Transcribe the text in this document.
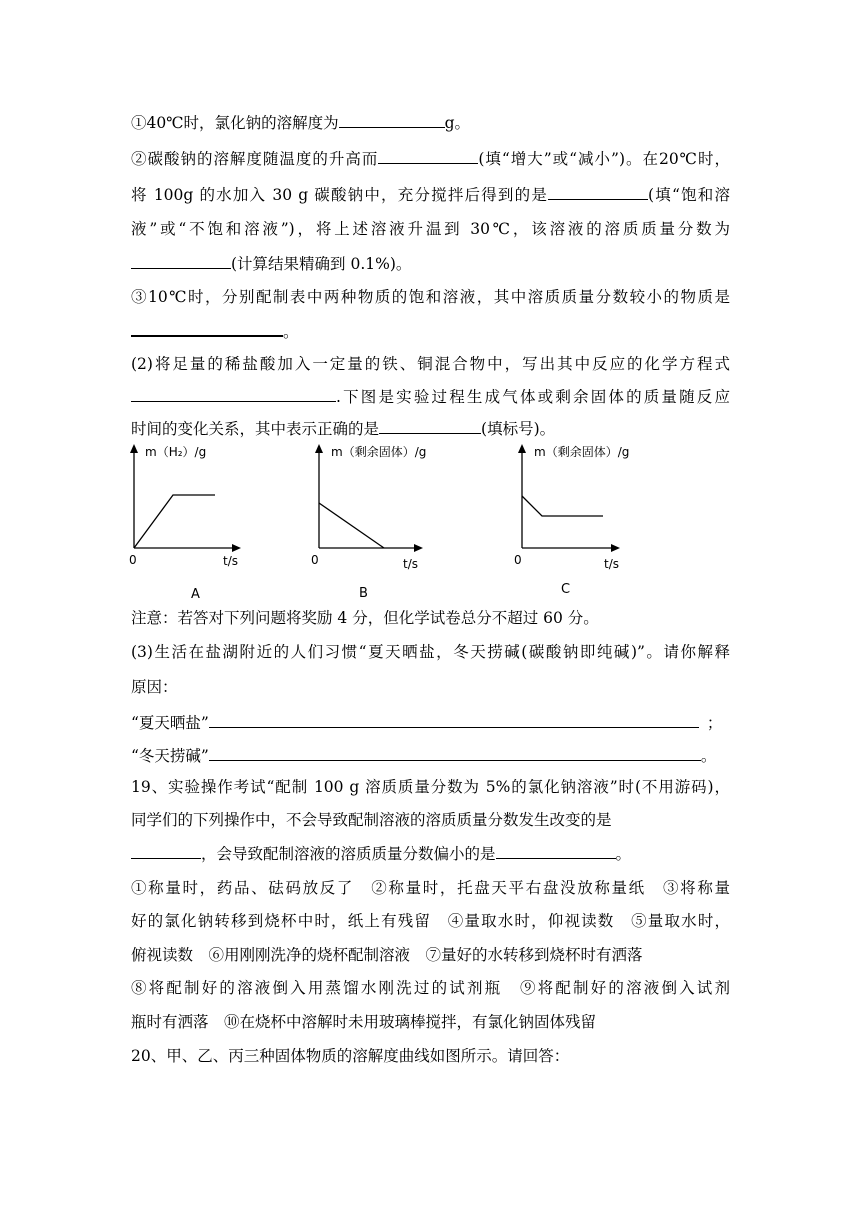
①40℃时，氯化钠的溶解度为	g。
②碳酸钠的溶解度随温度的升高而	(填“增大”或“减小”)。在20℃时，
将 100g 的水加入 30 g 碳酸钠中，充分搅拌后得到的是	(填“饱和溶
液”或“不饱和溶液”)，将上述溶液升温到 30℃，该溶液的溶质质量分数为
(计算结果精确到 0.1%)。
③10℃时，分别配制表中两种物质的饱和溶液，其中溶质质量分数较小的物质是
。
(2)将足量的稀盐酸加入一定量的铁、铜混合物中，写出其中反应的化学方程式
.下图是实验过程生成气体或剩余固体的质量随反应
时间的变化关系，其中表示正确的是	(填标号)。
m（H₂）/g
0	t/s
A
m（剩余固体）/g
0	t/s
B
m（剩余固体）/g
0	t/s
C
注意：若答对下列问题将奖励 4 分，但化学试卷总分不超过 60 分。
(3)生活在盐湖附近的人们习惯“夏天晒盐，冬天捞碱(碳酸钠即纯碱)”。请你解释
原因：
“夏天晒盐”	；
“冬天捞碱”	。
19、实验操作考试“配制 100 g 溶质质量分数为 5%的氯化钠溶液”时(不用游码)，
同学们的下列操作中，不会导致配制溶液的溶质质量分数发生改变的是
，会导致配制溶液的溶质质量分数偏小的是	。
①称量时，药品、砝码放反了　②称量时，托盘天平右盘没放称量纸　③将称量
好的氯化钠转移到烧杯中时，纸上有残留　④量取水时，仰视读数　⑤量取水时，
俯视读数　⑥用刚刚洗净的烧杯配制溶液　⑦量好的水转移到烧杯时有洒落
⑧将配制好的溶液倒入用蒸馏水刚洗过的试剂瓶　⑨将配制好的溶液倒入试剂
瓶时有洒落　⑩在烧杯中溶解时未用玻璃棒搅拌，有氯化钠固体残留
20、甲、乙、丙三种固体物质的溶解度曲线如图所示。请回答：
